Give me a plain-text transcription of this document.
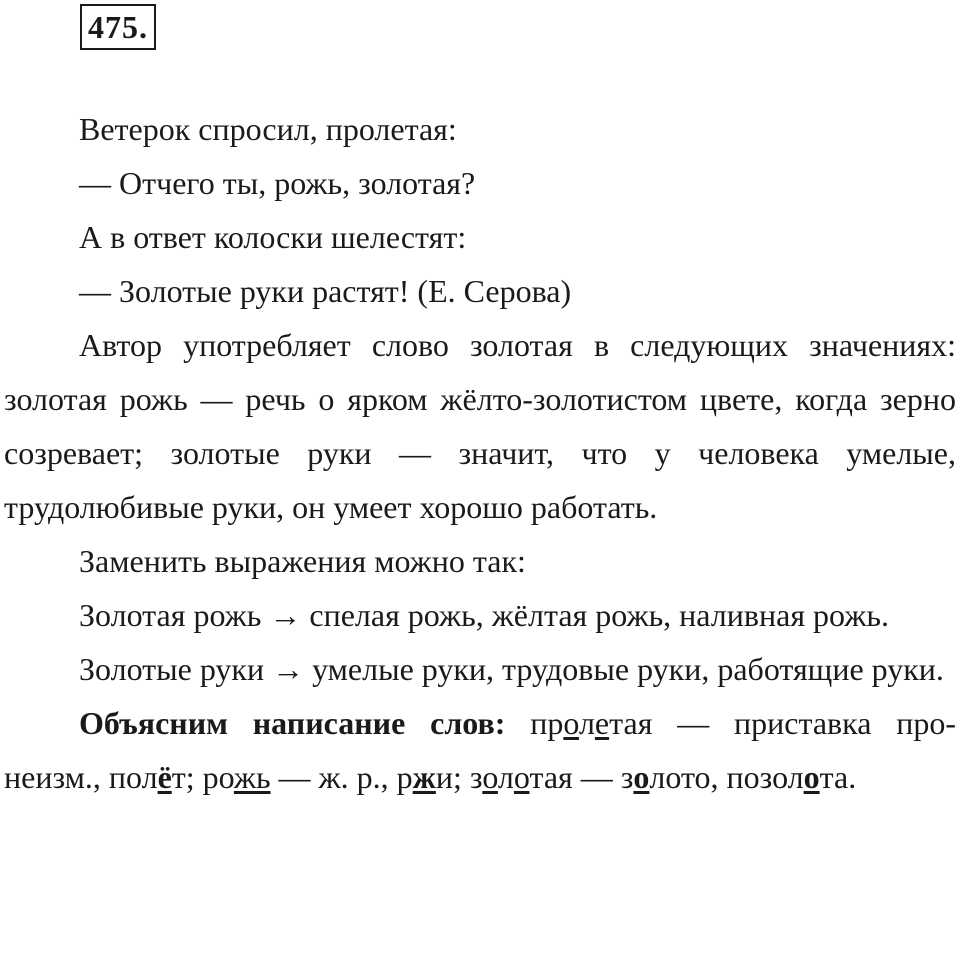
475.

Ветерок спросил, пролетая:

— Отчего ты, рожь, золотая?

А в ответ колоски шелестят:

— Золотые руки растят! (Е. Серова)

Автор употребляет слово золотая в следующих значениях: золотая рожь — речь о ярком жёлто-золотистом цвете, когда зерно созревает; золотые руки — значит, что у человека умелые, трудолюбивые руки, он умеет хорошо работать.

Заменить выражения можно так:

Золотая рожь → спелая рожь, жёлтая рожь, наливная рожь.

Золотые руки → умелые руки, трудовые руки, работящие руки.

Объясним написание слов: пролетая — приставка про- неизм., полёт; рожь — ж. р., ржи; золотая — золото, позолота.
